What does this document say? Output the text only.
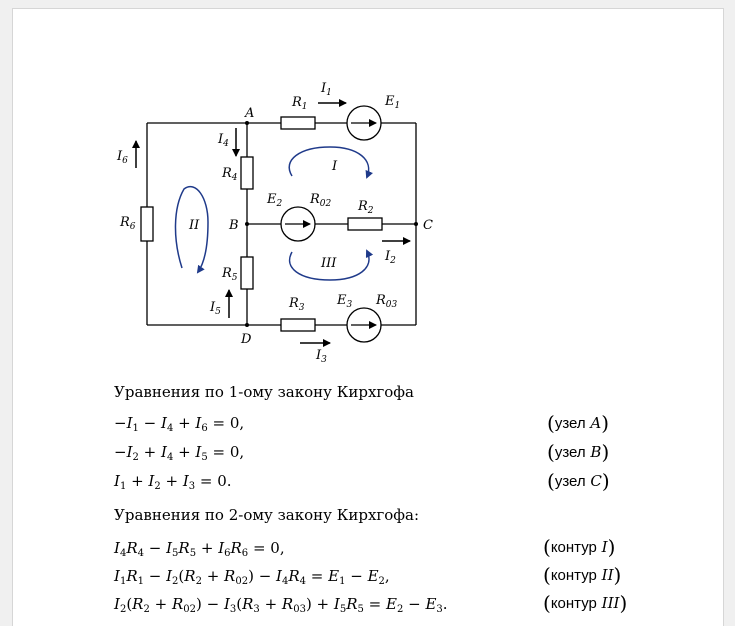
A
B	C
D
$R_1$
$R_2$
$R_3$
$R_4$
$R_5$
$R_6$
$R_{02}$
$R_{03}$
$E_1$
$E_2$
$E_3$
$I_1$
$I_2$
$I_3$
$I_4$
$I_5$
$I_6$	I
II
III
Уравнения по 1-ому закону Кирхгофа
$-I_1 - I_4 + I_6 = 0$,	(узел A)
$-I_2 + I_4 + I_5 = 0$,	(узел B)
$I_1 + I_2 + I_3 = 0$.	(узел C)
Уравнения по 2-ому закону Кирхгофа:
$I_4R_4 - I_5R_5 + I_6R_6 = 0$,	(контур I)
$I_1R_1 - I_2(R_2 + R_{02}) - I_4R_4 = E_1 - E_2$,	(контур II)
$I_2(R_2 + R_{02}) - I_3(R_3 + R_{03}) + I_5R_5 = E_2 - E_3$.	(контур III)
